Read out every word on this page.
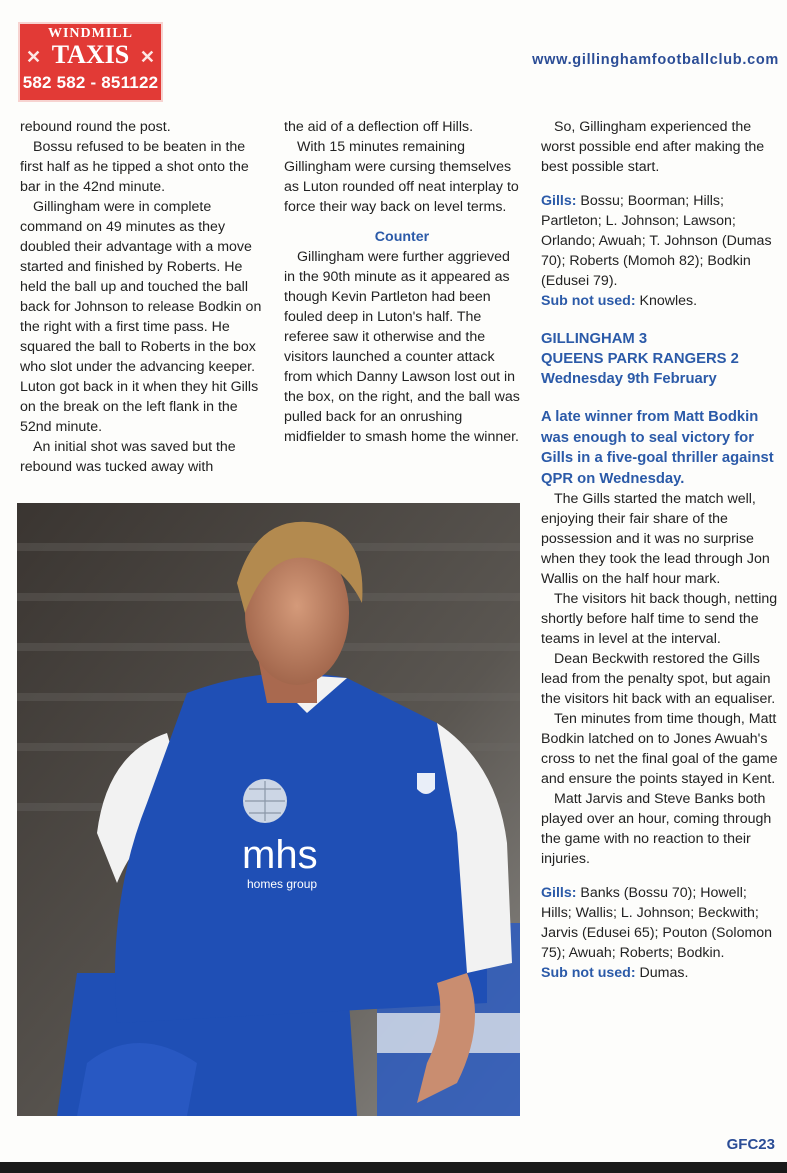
WINDMILL
✕ TAXIS ✕
582 582 - 851122
www.gillinghamfootballclub.com

rebound round the post.

Bossu refused to be beaten in the first half as he tipped a shot onto the bar in the 42nd minute.

Gillingham were in complete command on 49 minutes as they doubled their advantage with a move started and finished by Roberts. He held the ball up and touched the ball back for Johnson to release Bodkin on the right with a first time pass. He squared the ball to Roberts in the box who slot under the advancing keeper. Luton got back in it when they hit Gills on the break on the left flank in the 52nd minute.

An initial shot was saved but the rebound was tucked away with

the aid of a deflection off Hills.

With 15 minutes remaining Gillingham were cursing themselves as Luton rounded off neat interplay to force their way back on level terms.

Counter

Gillingham were further aggrieved in the 90th minute as it appeared as though Kevin Partleton had been fouled deep in Luton's half. The referee saw it otherwise and the visitors launched a counter attack from which Danny Lawson lost out in the box, on the right, and the ball was pulled back for an onrushing midfielder to smash home the winner.

So, Gillingham experienced the worst possible end after making the best possible start.

Gills: Bossu; Boorman; Hills; Partleton; L. Johnson; Lawson; Orlando; Awuah; T. Johnson (Dumas 70); Roberts (Momoh 82); Bodkin (Edusei 79).

Sub not used: Knowles.

GILLINGHAM 3
QUEENS PARK RANGERS 2
Wednesday 9th February
A late winner from Matt Bodkin was enough to seal victory for Gills in a five-goal thriller against QPR on Wednesday.

The Gills started the match well, enjoying their fair share of the possession and it was no surprise when they took the lead through Jon Wallis on the half hour mark.

The visitors hit back though, netting shortly before half time to send the teams in level at the interval.

Dean Beckwith restored the Gills lead from the penalty spot, but again the visitors hit back with an equaliser.

Ten minutes from time though, Matt Bodkin latched on to Jones Awuah's cross to net the final goal of the game and ensure the points stayed in Kent.

Matt Jarvis and Steve Banks both played over an hour, coming through the game with no reaction to their injuries.

Gills: Banks (Bossu 70); Howell; Hills; Wallis; L. Johnson; Beckwith; Jarvis (Edusei 65); Pouton (Solomon 75); Awuah; Roberts; Bodkin.

Sub not used: Dumas.

mhs
homes group
GFC23
